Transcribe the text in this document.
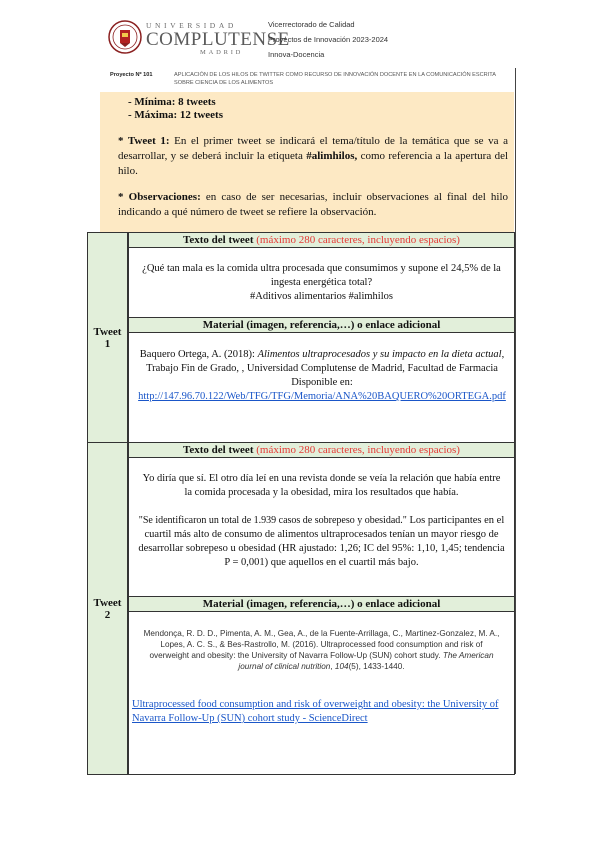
UNIVERSIDAD
COMPLUTENSE
MADRID
Vicerrectorado de Calidad
Proyectos de Innovación 2023-2024
Innova-Docencia
Proyecto Nº 101	APLICACIÓN DE LOS HILOS DE TWITTER COMO RECURSO DE INNOVACIÓN DOCENTE EN LA COMUNICACIÓN ESCRITA SOBRE CIENCIA DE LOS ALIMENTOS
- Mínima: 8 tweets
- Máxima: 12 tweets
* Tweet 1: En el primer tweet se indicará el tema/título de la temática que se va a desarrollar, y se deberá incluir la etiqueta #alimhilos, como referencia a la apertura del hilo.
* Observaciones: en caso de ser necesarias, incluir observaciones al final del hilo indicando a qué número de tweet se refiere la observación.
Tweet
1
Texto del tweet (máximo 280 caracteres, incluyendo espacios)
¿Qué tan mala es la comida ultra procesada que consumimos y supone el 24,5% de la ingesta energética total?
#Aditivos alimentarios #alimhilos
Material (imagen, referencia,…) o enlace adicional
Baquero Ortega, A. (2018): Alimentos ultraprocesados y su impacto en la dieta actual, Trabajo Fin de Grado, , Universidad Complutense de Madrid, Facultad de Farmacia
Disponible en:
http://147.96.70.122/Web/TFG/TFG/Memoria/ANA%20BAQUERO%20ORTEGA.pdf
Tweet
2
Texto del tweet (máximo 280 caracteres, incluyendo espacios)
Yo diría que sí. El otro día leí en una revista donde se veía la relación que había entre la comida procesada y la obesidad, mira los resultados que había.
"Se identificaron un total de 1.939 casos de sobrepeso y obesidad." Los participantes en el cuartil más alto de consumo de alimentos ultraprocesados tenían un mayor riesgo de desarrollar sobrepeso u obesidad (HR ajustado: 1,26; IC del 95%: 1,10, 1,45; tendencia P = 0,001) que aquellos en el cuartil más bajo.
Material (imagen, referencia,…) o enlace adicional
Mendonça, R. D. D., Pimenta, A. M., Gea, A., de la Fuente-Arrillaga, C., Martinez-Gonzalez, M. A., Lopes, A. C. S., & Bes-Rastrollo, M. (2016). Ultraprocessed food consumption and risk of overweight and obesity: the University of Navarra Follow-Up (SUN) cohort study. The American journal of clinical nutrition, 104(5), 1433-1440.
Ultraprocessed food consumption and risk of overweight and obesity: the University of Navarra Follow-Up (SUN) cohort study - ScienceDirect
